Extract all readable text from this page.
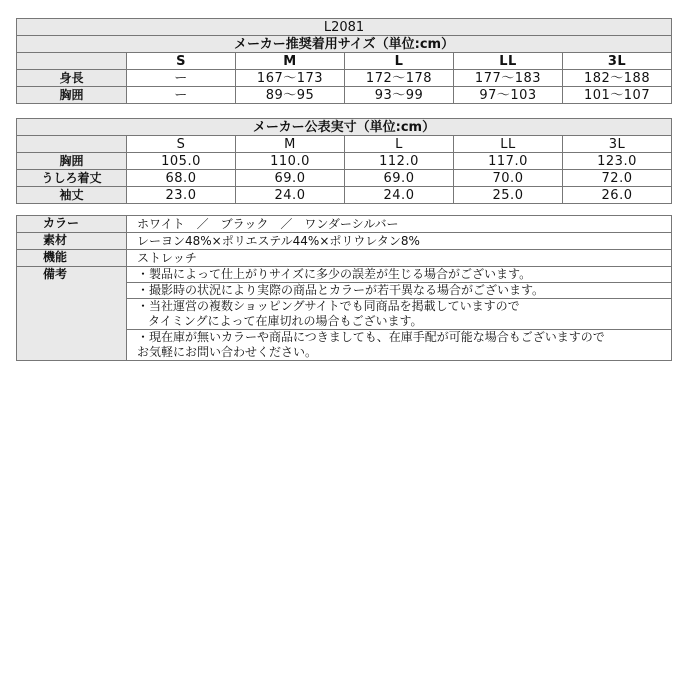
L2081					
メーカー推奨着用サイズ（単位:cm）					
	S	M	L	LL	3L
身長	ー	167〜173	172〜178	177〜183	182〜188
胸囲	ー	89〜95	93〜99	97〜103	101〜107
メーカー公表実寸（単位:cm）					
	S	M	L	LL	3L
胸囲	105.0	110.0	112.0	117.0	123.0
うしろ着丈	68.0	69.0	69.0	70.0	72.0
袖丈	23.0	24.0	24.0	25.0	26.0
カラー	ホワイト　／　ブラック　／　ワンダーシルバー
素材	レーヨン48%×ポリエステル44%×ポリウレタン8%
機能	ストレッチ
備考	・製品によって仕上がりサイズに多少の誤差が生じる場合がございます。

	・撮影時の状況により実際の商品とカラーが若干異なる場合がございます。

	・当社運営の複数ショッピングサイトでも同商品を掲載していますので
タイミングによって在庫切れの場合もございます。

	・現在庫が無いカラーや商品につきましても、在庫手配が可能な場合もございますので
お気軽にお問い合わせください。
